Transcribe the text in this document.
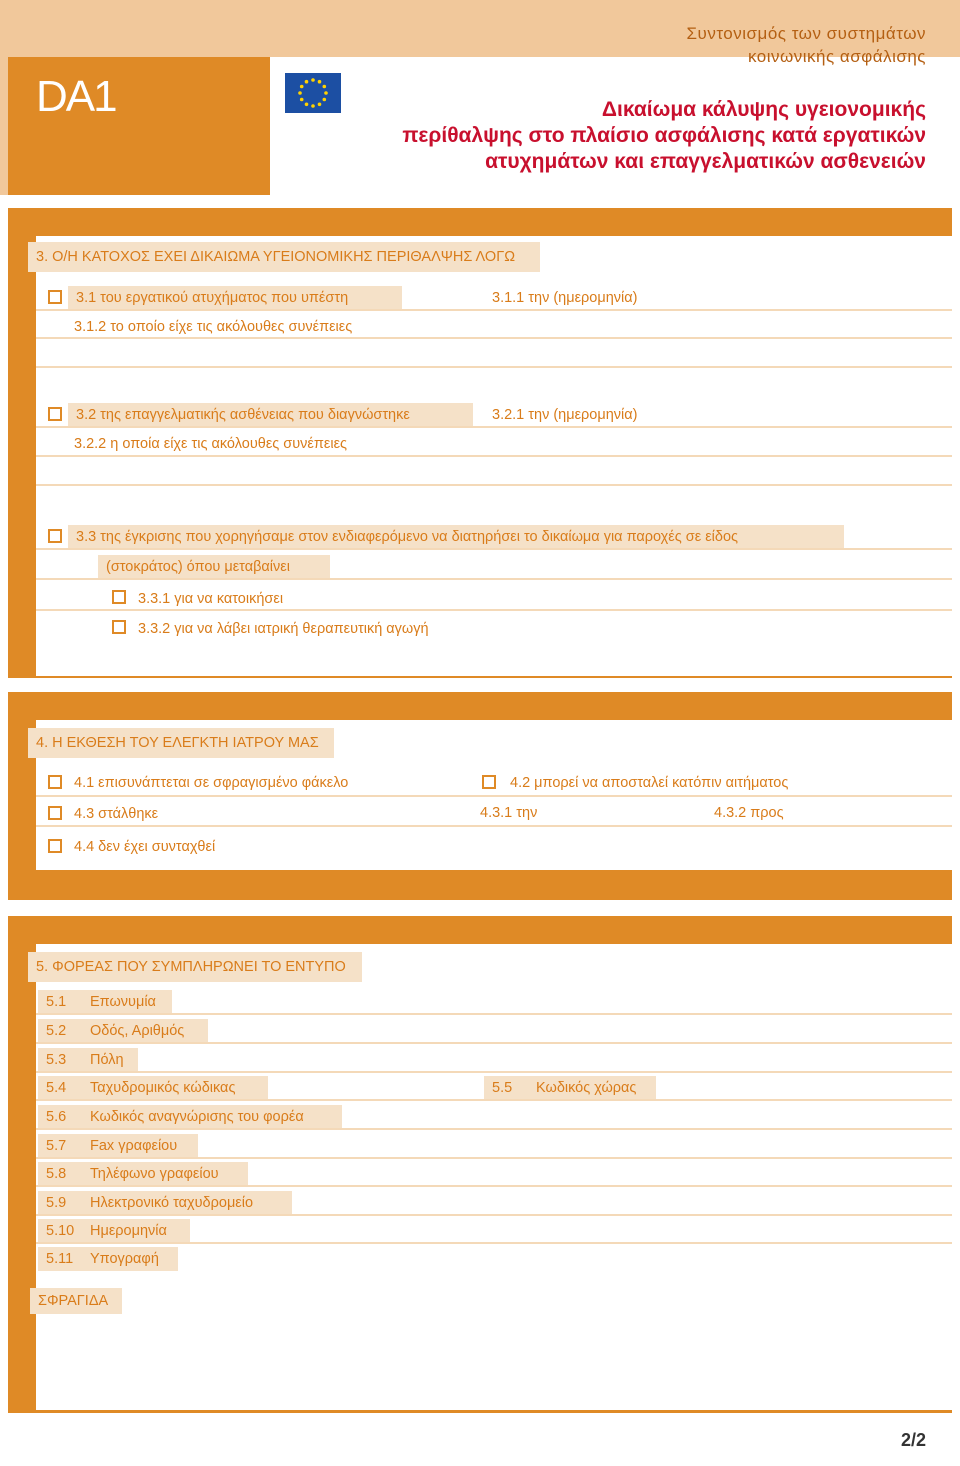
DA1
Συντονισμός των συστημάτων
κοινωνικής ασφάλισης
Δικαίωμα κάλυψης υγειονομικής
περίθαλψης στο πλαίσιο ασφάλισης κατά εργατικών
ατυχημάτων και επαγγελματικών ασθενειών
3. Ο/Η ΚΑΤΟΧΟΣ ΕΧΕΙ ΔΙΚΑΙΩΜΑ ΥΓΕΙΟΝΟΜΙΚΗΣ ΠΕΡΙΘΑΛΨΗΣ ΛΟΓΩ
3.1 του εργατικού ατυχήματος που υπέστη	3.1.1 την (ημερομηνία)
3.1.2 το οποίο είχε τις ακόλουθες συνέπειες
3.2 της επαγγελματικής ασθένειας που διαγνώστηκε	3.2.1 την (ημερομηνία)
3.2.2 η οποία είχε τις ακόλουθες συνέπειες
3.3 της έγκρισης που χορηγήσαμε στον ενδιαφερόμενο να διατηρήσει το δικαίωμα για παροχές σε είδος
(στοκράτος) όπου μεταβαίνει
3.3.1 για να κατοικήσει
3.3.2 για να λάβει ιατρική θεραπευτική αγωγή
4. Η ΕΚΘΕΣΗ ΤΟΥ ΕΛΕΓΚΤΗ ΙΑΤΡΟΥ ΜΑΣ
4.1 επισυνάπτεται σε σφραγισμένο φάκελο	4.2 μπορεί να αποσταλεί κατόπιν αιτήματος
4.3 στάλθηκε	4.3.1 την	4.3.2 προς
4.4 δεν έχει συνταχθεί
5. ΦΟΡΕΑΣ ΠΟΥ ΣΥΜΠΛΗΡΩΝΕΙ ΤΟ ΕΝΤΥΠΟ
5.1 Επωνυμία
5.2 Οδός, Αριθμός
5.3 Πόλη
5.4 Ταχυδρομικός κώδικας	5.5 Κωδικός χώρας
5.6 Κωδικός αναγνώρισης του φορέα
5.7 Fax γραφείου
5.8 Τηλέφωνο γραφείου
5.9 Ηλεκτρονικό ταχυδρομείο
5.10 Ημερομηνία
5.11 Υπογραφή
ΣΦΡΑΓΙΔΑ
2/2
